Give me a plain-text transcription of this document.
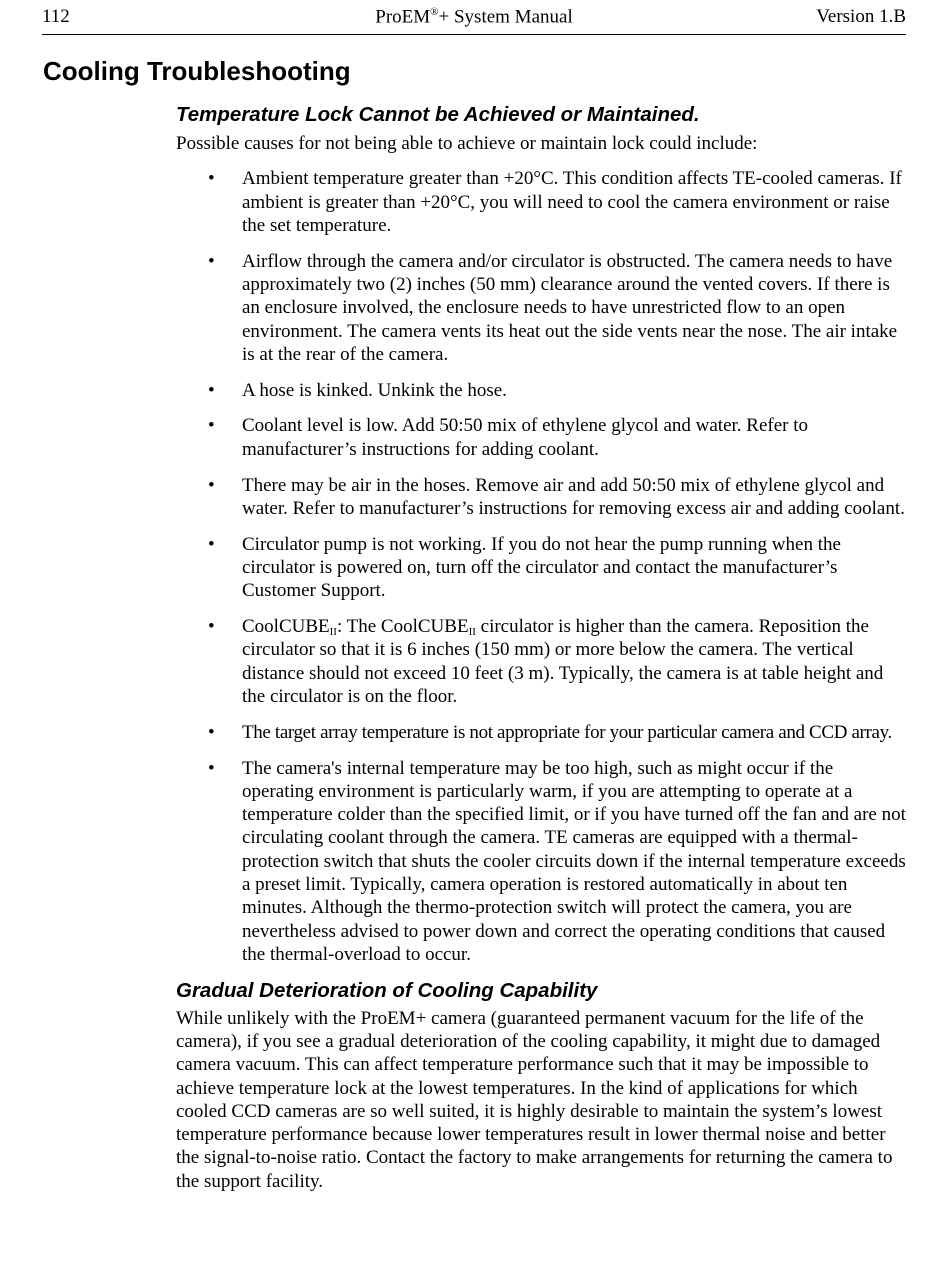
112	ProEM®+ System Manual	Version 1.B
Cooling Troubleshooting
Temperature Lock Cannot be Achieved or Maintained.

Possible causes for not being able to achieve or maintain lock could include:

• Ambient temperature greater than +20°C. This condition affects TE-cooled cameras. If ambient is greater than +20°C, you will need to cool the camera environment or raise the set temperature.
• Airflow through the camera and/or circulator is obstructed. The camera needs to have approximately two (2) inches (50 mm) clearance around the vented covers. If there is an enclosure involved, the enclosure needs to have unrestricted flow to an open environment. The camera vents its heat out the side vents near the nose. The air intake is at the rear of the camera.
• A hose is kinked. Unkink the hose.
• Coolant level is low. Add 50:50 mix of ethylene glycol and water. Refer to manufacturer’s instructions for adding coolant.
• There may be air in the hoses. Remove air and add 50:50 mix of ethylene glycol and water. Refer to manufacturer’s instructions for removing excess air and adding coolant.
• Circulator pump is not working. If you do not hear the pump running when the circulator is powered on, turn off the circulator and contact the manufacturer’s Customer Support.
• CoolCUBE$_{II}$: The CoolCUBE$_{II}$ circulator is higher than the camera. Reposition the circulator so that it is 6 inches (150 mm) or more below the camera. The vertical distance should not exceed 10 feet (3 m). Typically, the camera is at table height and the circulator is on the floor.
• The target array temperature is not appropriate for your particular camera and CCD array.
• The camera's internal temperature may be too high, such as might occur if the operating environment is particularly warm, if you are attempting to operate at a temperature colder than the specified limit, or if you have turned off the fan and are not circulating coolant through the camera. TE cameras are equipped with a thermal-protection switch that shuts the cooler circuits down if the internal temperature exceeds a preset limit. Typically, camera operation is restored automatically in about ten minutes. Although the thermo-protection switch will protect the camera, you are nevertheless advised to power down and correct the operating conditions that caused the thermal-overload to occur.
Gradual Deterioration of Cooling Capability

While unlikely with the ProEM+ camera (guaranteed permanent vacuum for the life of the camera), if you see a gradual deterioration of the cooling capability, it might due to damaged camera vacuum. This can affect temperature performance such that it may be impossible to achieve temperature lock at the lowest temperatures. In the kind of applications for which cooled CCD cameras are so well suited, it is highly desirable to maintain the system’s lowest temperature performance because lower temperatures result in lower thermal noise and better the signal-to-noise ratio. Contact the factory to make arrangements for returning the camera to the support facility.
